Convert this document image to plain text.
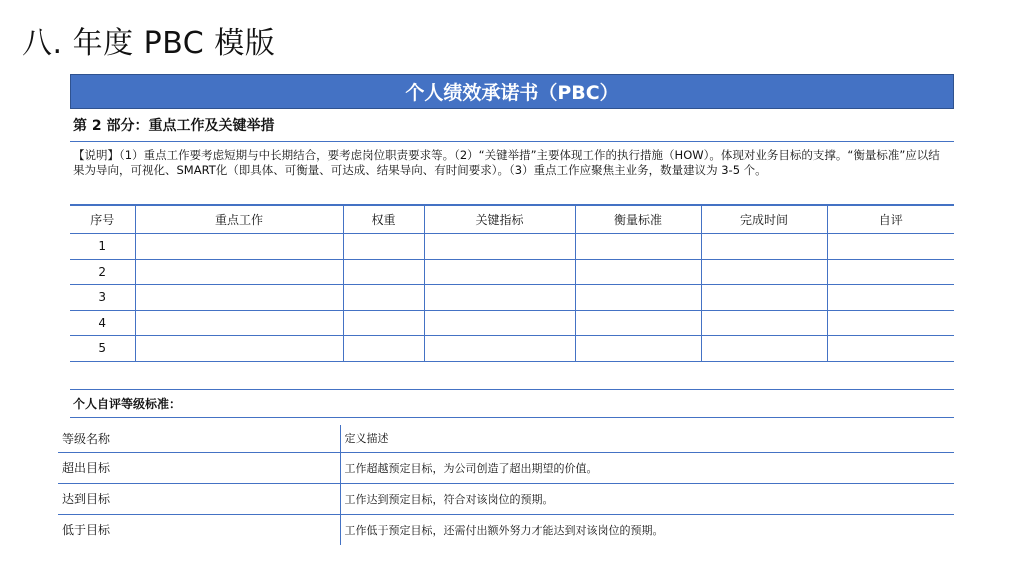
八. 年度 PBC 模版
个人绩效承诺书（PBC）
第 2 部分：重点工作及关键举措
【说明】（1）重点工作要考虑短期与中长期结合，要考虑岗位职责要求等。（2）“关键举措”主要体现工作的执行措施（HOW）。体现对业务目标的支撑。“衡量标准”应以结果为导向，可视化、SMART化（即具体、可衡量、可达成、结果导向、有时间要求）。（3）重点工作应聚焦主业务，数量建议为 3-5 个。
序号	重点工作	权重	关键指标	衡量标准	完成时间	自评
1						
2						
3						
4						
5						
个人自评等级标准：
等级名称	定义描述
超出目标	工作超越预定目标，为公司创造了超出期望的价值。
达到目标	工作达到预定目标，符合对该岗位的预期。
低于目标	工作低于预定目标，还需付出额外努力才能达到对该岗位的预期。
